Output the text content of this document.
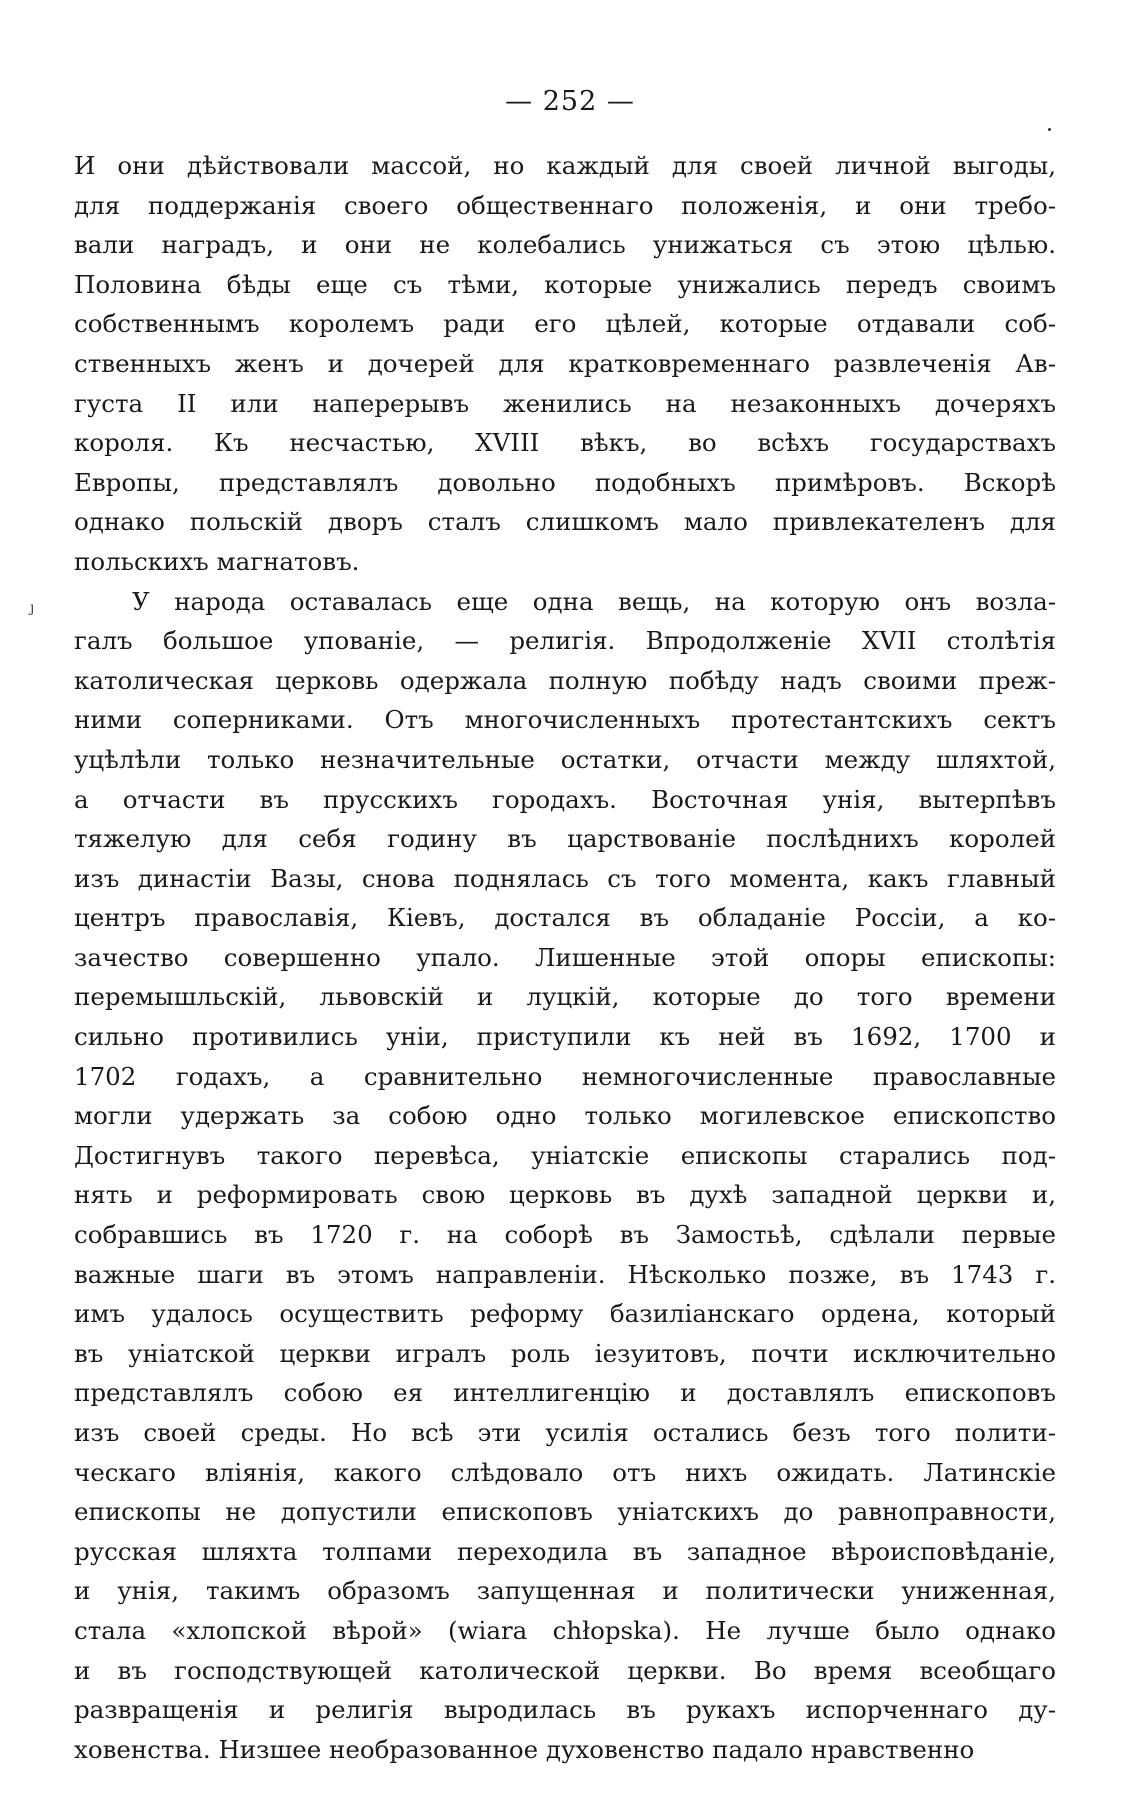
— 252 —
ȷ
И они дѣйствовали массой, но каждый для своей личной выгоды,
для поддержанія своего общественнаго положенія, и они требо-
вали наградъ, и они не колебались унижаться съ этою цѣлью.
Половина бѣды еще съ тѣми, которые унижались передъ своимъ
собственнымъ королемъ ради его цѣлей, которые отдавали соб-
ственныхъ женъ и дочерей для кратковременнаго развлеченія Ав-
густа II или наперерывъ женились на незаконныхъ дочеряхъ
короля. Къ несчастью, XVIII вѣкъ, во всѣхъ государствахъ
Европы, представлялъ довольно подобныхъ примѣровъ. Вскорѣ
однако польскій дворъ сталъ слишкомъ мало привлекателенъ для
польскихъ магнатовъ.
У народа оставалась еще одна вещь, на которую онъ возла-
галъ большое упованіе, — религія. Впродолженіе XVII столѣтія
католическая церковь одержала полную побѣду надъ своими преж-
ними соперниками. Отъ многочисленныхъ протестантскихъ сектъ
уцѣлѣли только незначительные остатки, отчасти между шляхтой,
а отчасти въ прусскихъ городахъ. Восточная унія, вытерпѣвъ
тяжелую для себя годину въ царствованіе послѣднихъ королей
изъ династіи Вазы, снова поднялась съ того момента, какъ главный
центръ православія, Кіевъ, достался въ обладаніе Россіи, а ко-
зачество совершенно упало. Лишенные этой опоры епископы:
перемышльскій, львовскій и луцкій, которые до того времени
сильно противились уніи, приступили къ ней въ 1692, 1700 и
1702 годахъ, а сравнительно немногочисленные православные
могли удержать за собою одно только могилевское епископство
Достигнувъ такого перевѣса, уніатскіе епископы старались под-
нять и реформировать свою церковь въ духѣ западной церкви и,
собравшись въ 1720 г. на соборѣ въ Замостьѣ, сдѣлали первые
важные шаги въ этомъ направленіи. Нѣсколько позже, въ 1743 г.
имъ удалось осуществить реформу базиліанскаго ордена, который
въ уніатской церкви игралъ роль іезуитовъ, почти исключительно
представлялъ собою ея интеллигенцію и доставлялъ епископовъ
изъ своей среды. Но всѣ эти усилія остались безъ того полити-
ческаго вліянія, какого слѣдовало отъ нихъ ожидать. Латинскіе
епископы не допустили епископовъ уніатскихъ до равноправности,
русская шляхта толпами переходила въ западное вѣроисповѣданіе,
и унія, такимъ образомъ запущенная и политически униженная,
стала «хлопской вѣрой» (wiara chłopska). Не лучше было однако
и въ господствующей католической церкви. Во время всеобщаго
развращенія и религія выродилась въ рукахъ испорченнаго ду-
ховенства. Низшее необразованное духовенство падало нравственно
